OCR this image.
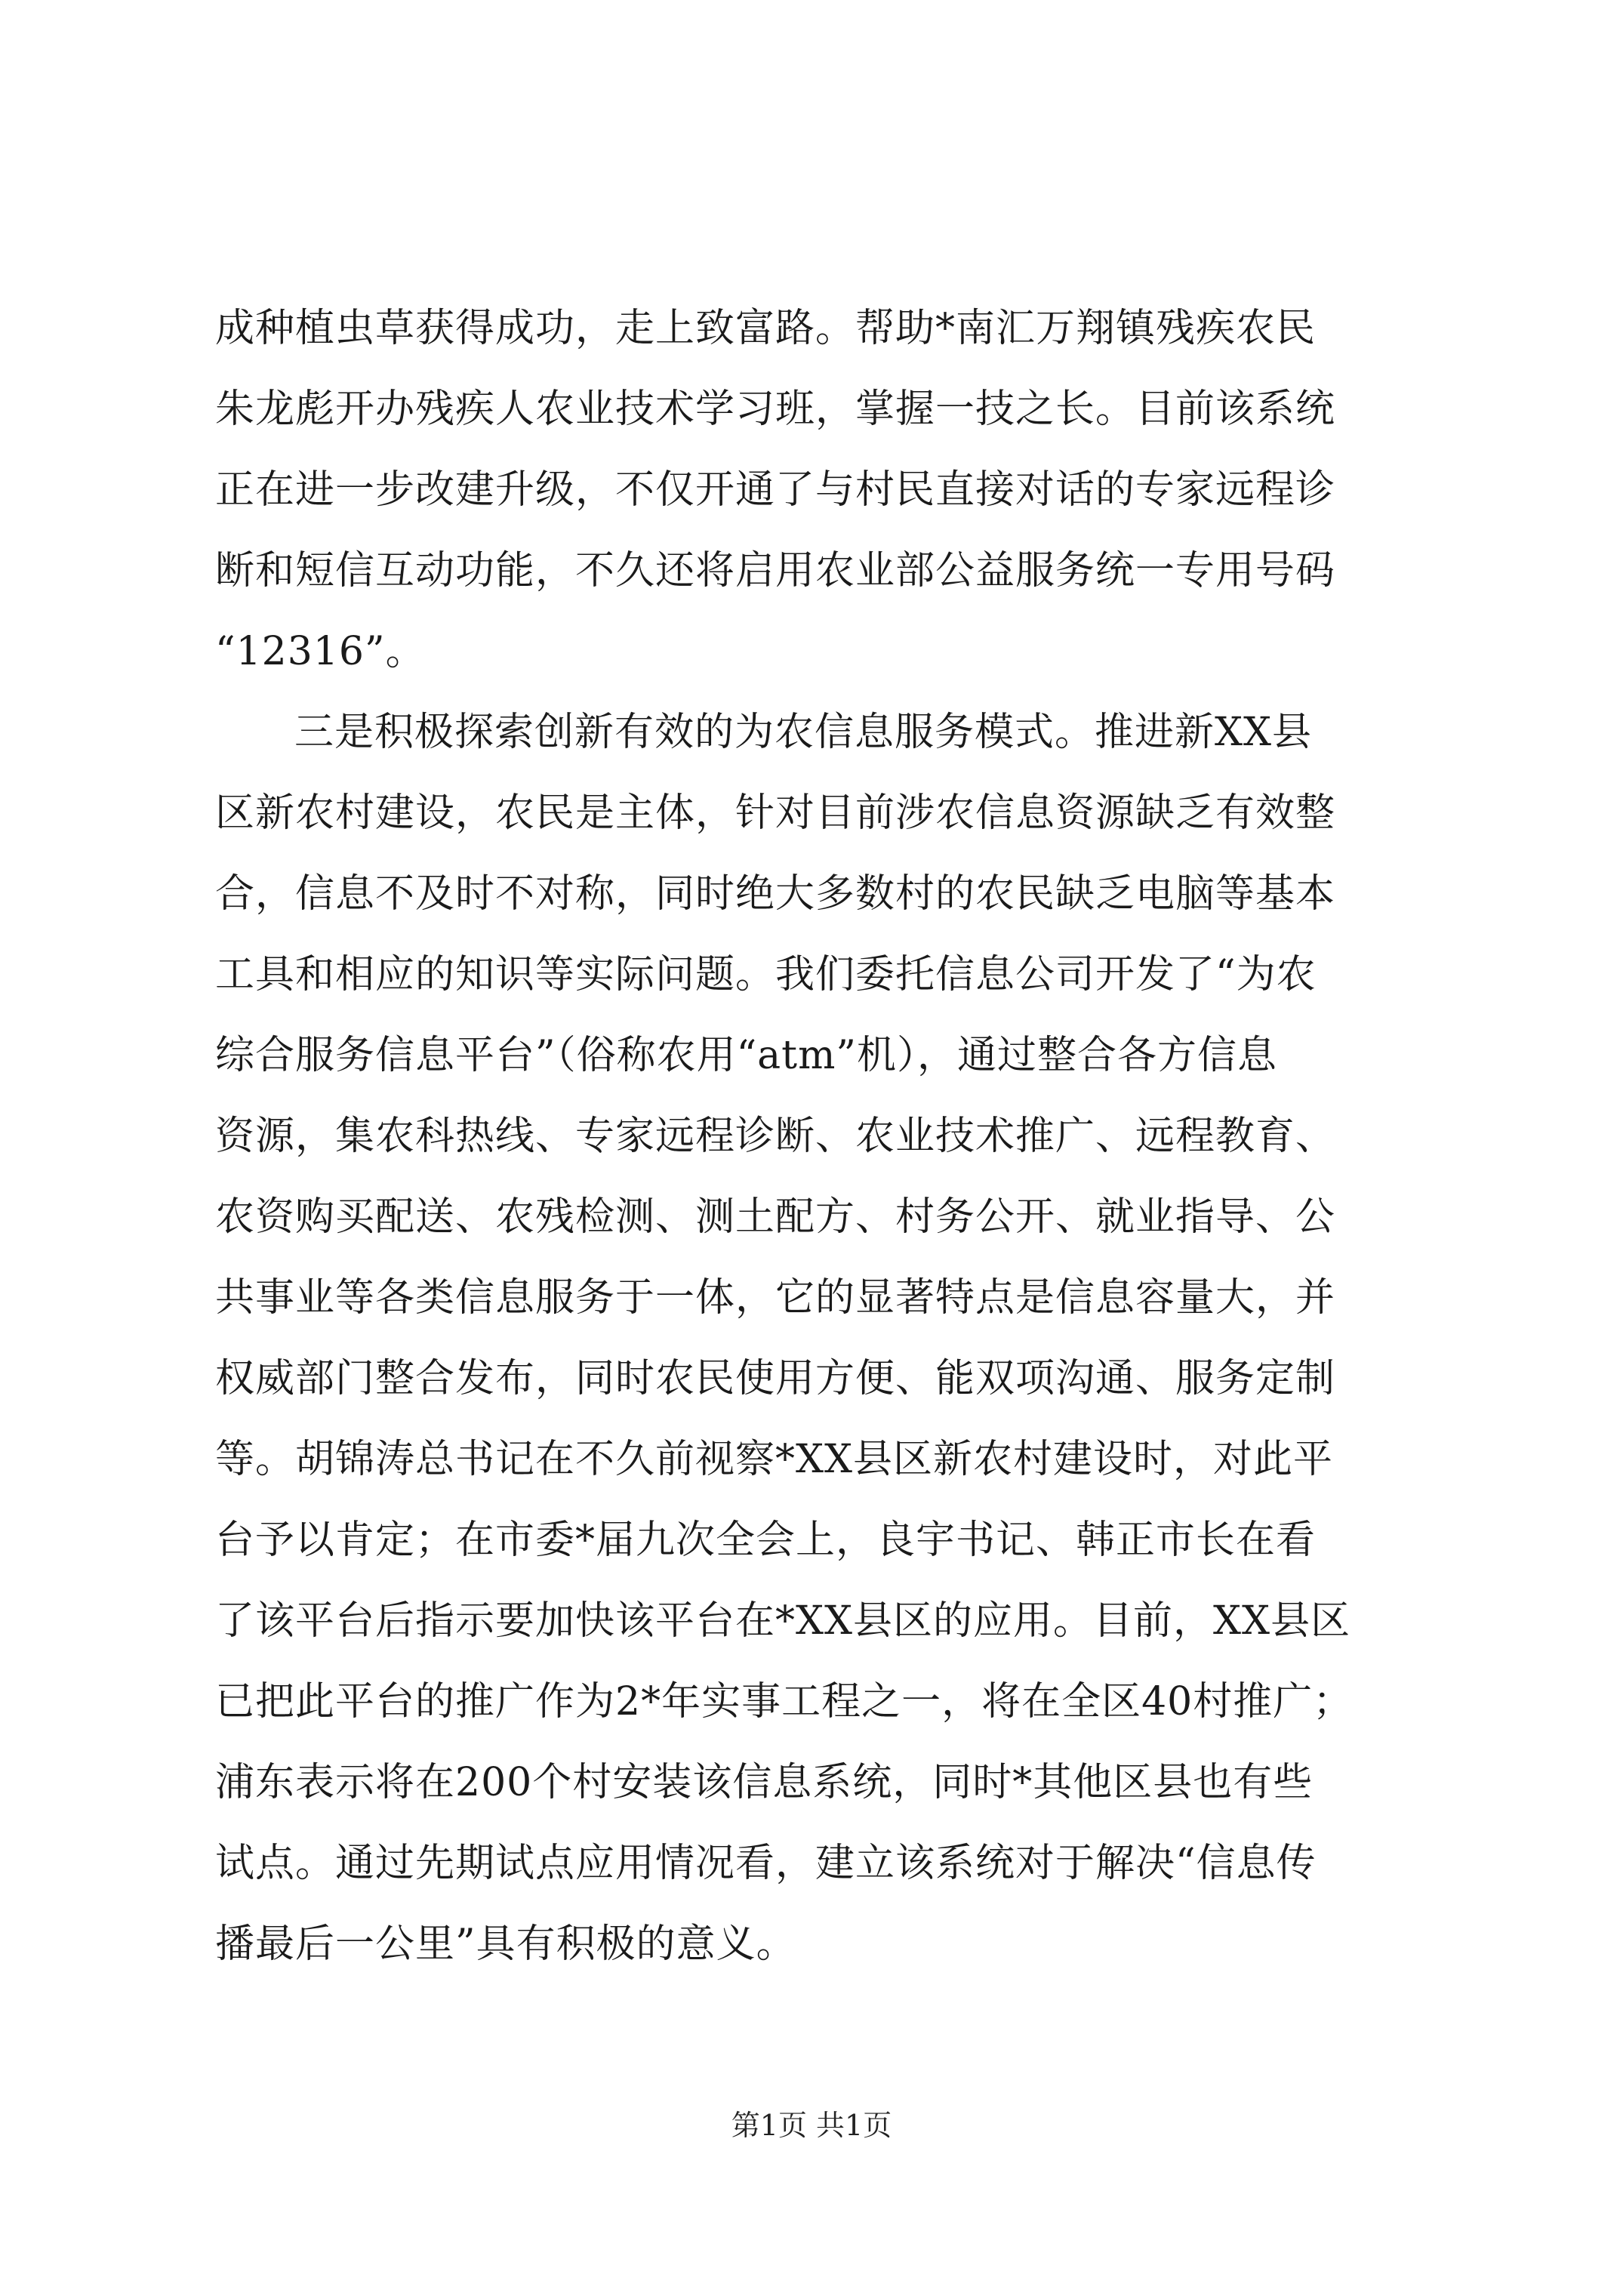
成种植虫草获得成功，走上致富路。帮助*南汇万翔镇残疾农民
朱龙彪开办残疾人农业技术学习班，掌握一技之长。目前该系统
正在进一步改建升级，不仅开通了与村民直接对话的专家远程诊
断和短信互动功能，不久还将启用农业部公益服务统一专用号码
“12316”。
三是积极探索创新有效的为农信息服务模式。推进新XX县
区新农村建设，农民是主体，针对目前涉农信息资源缺乏有效整
合，信息不及时不对称，同时绝大多数村的农民缺乏电脑等基本
工具和相应的知识等实际问题。我们委托信息公司开发了“为农
综合服务信息平台”（俗称农用“atm”机），通过整合各方信息
资源，集农科热线、专家远程诊断、农业技术推广、远程教育、
农资购买配送、农残检测、测土配方、村务公开、就业指导、公
共事业等各类信息服务于一体，它的显著特点是信息容量大，并
权威部门整合发布，同时农民使用方便、能双项沟通、服务定制
等。胡锦涛总书记在不久前视察*XX县区新农村建设时，对此平
台予以肯定；在市委*届九次全会上，良宇书记、韩正市长在看
了该平台后指示要加快该平台在*XX县区的应用。目前，XX县区
已把此平台的推广作为2*年实事工程之一，将在全区40村推广；
浦东表示将在200个村安装该信息系统，同时*其他区县也有些
试点。通过先期试点应用情况看，建立该系统对于解决“信息传
播最后一公里”具有积极的意义。
第1页 共1页
